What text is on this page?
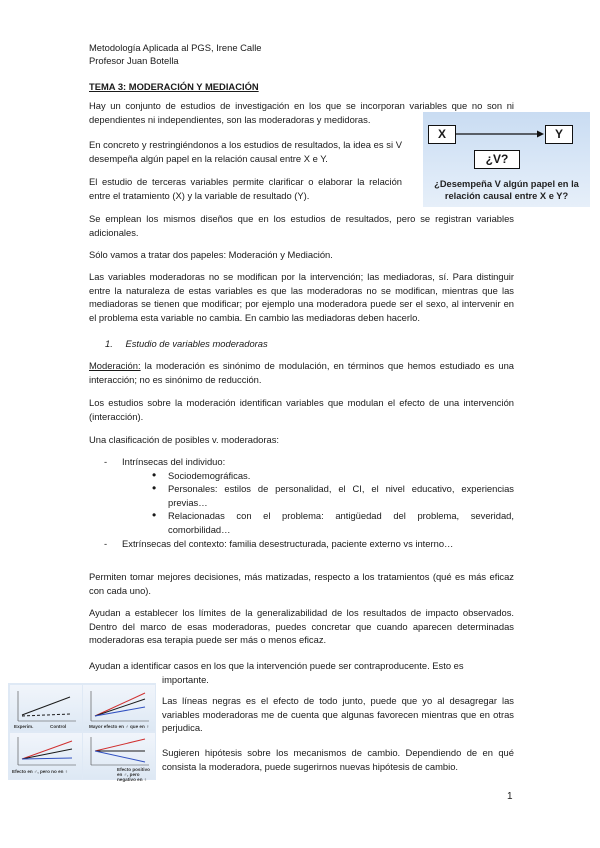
Metodología Aplicada al PGS, Irene Calle
Profesor Juan Botella
TEMA 3: MODERACIÓN Y MEDIACIÓN

Hay un conjunto de estudios de investigación en los que se incorporan variables que no son ni dependientes ni independientes, son las moderadoras y medidoras.

En concreto y restringiéndonos a los estudios de resultados, la idea es si V desempeña algún papel en la relación causal entre X e Y.

El estudio de terceras variables permite clarificar o elaborar la relación entre el tratamiento (X) y la variable de resultado (Y).

X	Y
¿V?
¿Desempeña V algún papel en la
relación causal entre X e Y?

Se emplean los mismos diseños que en los estudios de resultados, pero se registran variables adicionales.

Sólo vamos a tratar dos papeles: Moderación y Mediación.

Las variables moderadoras no se modifican por la intervención; las mediadoras, sí. Para distinguir entre la naturaleza de estas variables es que las moderadoras no se modifican, mientras que las mediadoras se tienen que modificar; por ejemplo una moderadora puede ser el sexo, al intervenir en el problema esta variable no cambia. En cambio las mediadoras deben hacerlo.

1. Estudio de variables moderadoras

Moderación: la moderación es sinónimo de modulación, en términos que hemos estudiado es una interacción; no es sinónimo de reducción.

Los estudios sobre la moderación identifican variables que modulan el efecto de una intervención (interacción).

Una clasificación de posibles v. moderadoras:

- Intrínsecas del individuo:
• Sociodemográficas.
• Personales: estilos de personalidad, el CI, el nivel educativo, experiencias previas…
• Relacionadas con el problema: antigüedad del problema, severidad, comorbilidad…
- Extrínsecas del contexto: familia desestructurada, paciente externo vs interno…

Permiten tomar mejores decisiones, más matizadas, respecto a los tratamientos (qué es más eficaz con cada uno).

Ayudan a establecer los límites de la generalizabilidad de los resultados de impacto observados. Dentro del marco de esas moderadoras, puedes concretar que cuando aparecen determinadas moderadoras esa terapia puede ser más o menos eficaz.

Ayudan a identificar casos en los que la intervención puede ser contraproducente. Esto es
importante.
Experim.	Control	Mayor efecto en ♂ que en ♀
Efecto en ♂, pero no en ♀	Efecto positivo en ♂, pero negativo en ♀

Las líneas negras es el efecto de todo junto, puede que yo al desagregar las variables moderadoras me de cuenta que algunas favorecen mientras que en otras perjudica.

Sugieren hipótesis sobre los mecanismos de cambio. Dependiendo de en qué consista la moderadora, puede sugerirnos nuevas hipótesis de cambio.

1
